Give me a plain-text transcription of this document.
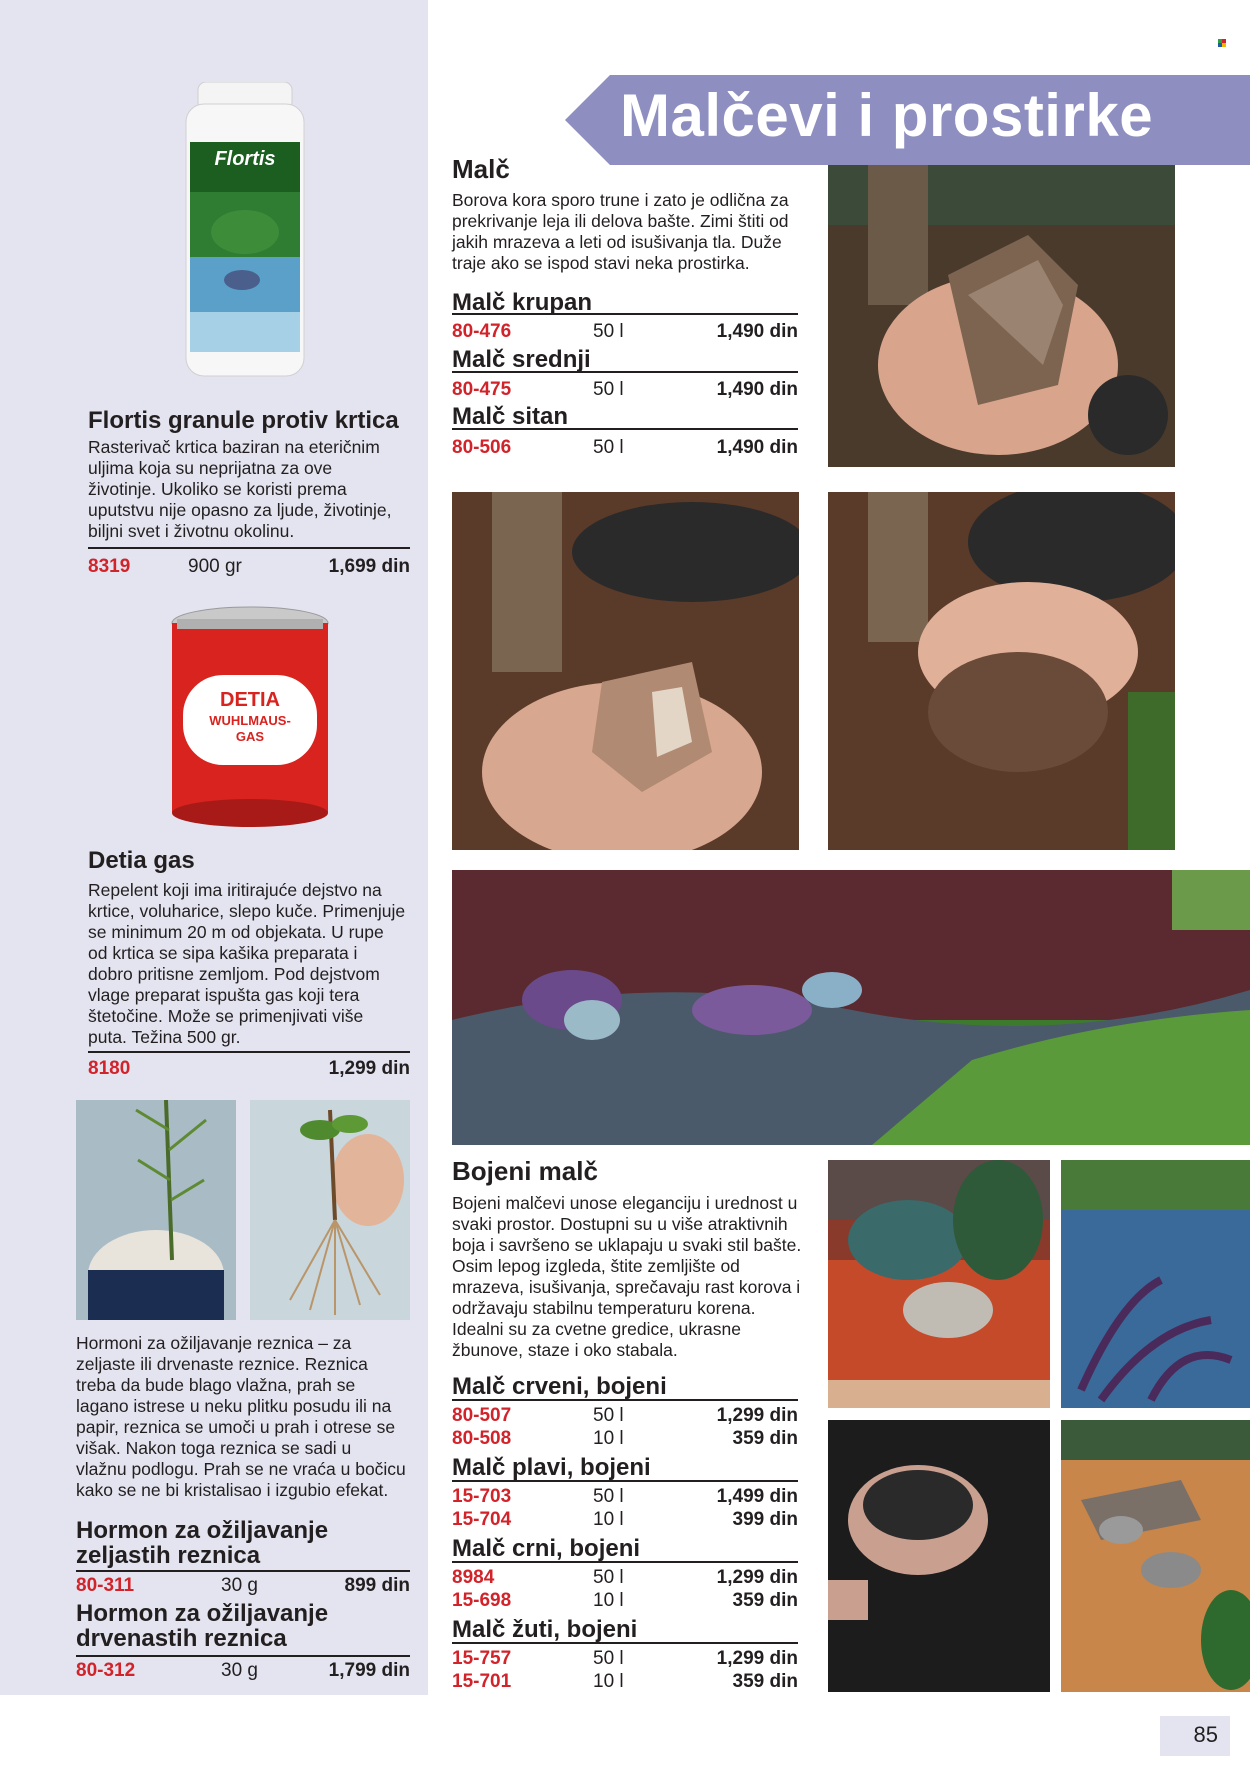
Malčevi i prostirke
Flortis
Flortis granule protiv krtica
Rasterivač krtica baziran na eteričnim uljima koja su neprijatna za ove životinje. Ukoliko se koristi prema uputstvu nije opasno za ljude, životinje, biljni svet i životnu okolinu.
8319	900 gr	1,699 din
DETIA
WUHLMAUS-
GAS
Detia gas
Repelent koji ima iritirajuće dejstvo na krtice, voluharice, slepo kuče. Primenjuje se minimum 20 m od objekata. U rupe od krtica se sipa kašika preparata i dobro pritisne zemljom. Pod dejstvom vlage preparat ispušta gas koji tera štetočine. Može se primenjivati više puta. Težina 500 gr.
8180	1,299 din
Hormoni za ožiljavanje reznica – za zeljaste ili drvenaste reznice. Reznica treba da bude blago vlažna, prah se lagano istrese u neku plitku posudu ili na papir, reznica se umoči u prah i otrese se višak. Nakon toga reznica se sadi u vlažnu podlogu. Prah se ne vraća u bočicu kako se ne bi kristalisao i izgubio efekat.
Hormon za ožiljavanje zeljastih reznica
80-311	30 g	899 din
Hormon za ožiljavanje drvenastih reznica
80-312	30 g	1,799 din
Malč
Borova kora sporo trune i zato je odlična za prekrivanje leja ili delova bašte. Zimi štiti od jakih mrazeva a leti od isušivanja tla. Duže traje ako se ispod stavi neka prostirka.
Malč krupan
80-476	50 l	1,490 din
Malč srednji
80-475	50 l	1,490 din
Malč sitan
80-506	50 l	1,490 din
Bojeni malč
Bojeni malčevi unose eleganciju i urednost u svaki prostor. Dostupni su u više atraktivnih boja i savršeno se uklapaju u svaki stil bašte. Osim lepog izgleda, štite zemljište od mrazeva, isušivanja, sprečavaju rast korova i održavaju stabilnu temperaturu korena. Idealni su za cvetne gredice, ukrasne žbunove, staze i oko stabala.
Malč crveni, bojeni
80-507	50 l	1,299 din
80-508	10 l	359 din
Malč plavi, bojeni
15-703	50 l	1,499 din
15-704	10 l	399 din
Malč crni, bojeni
8984	50 l	1,299 din
15-698	10 l	359 din
Malč žuti, bojeni
15-757	50 l	1,299 din
15-701	10 l	359 din
85
